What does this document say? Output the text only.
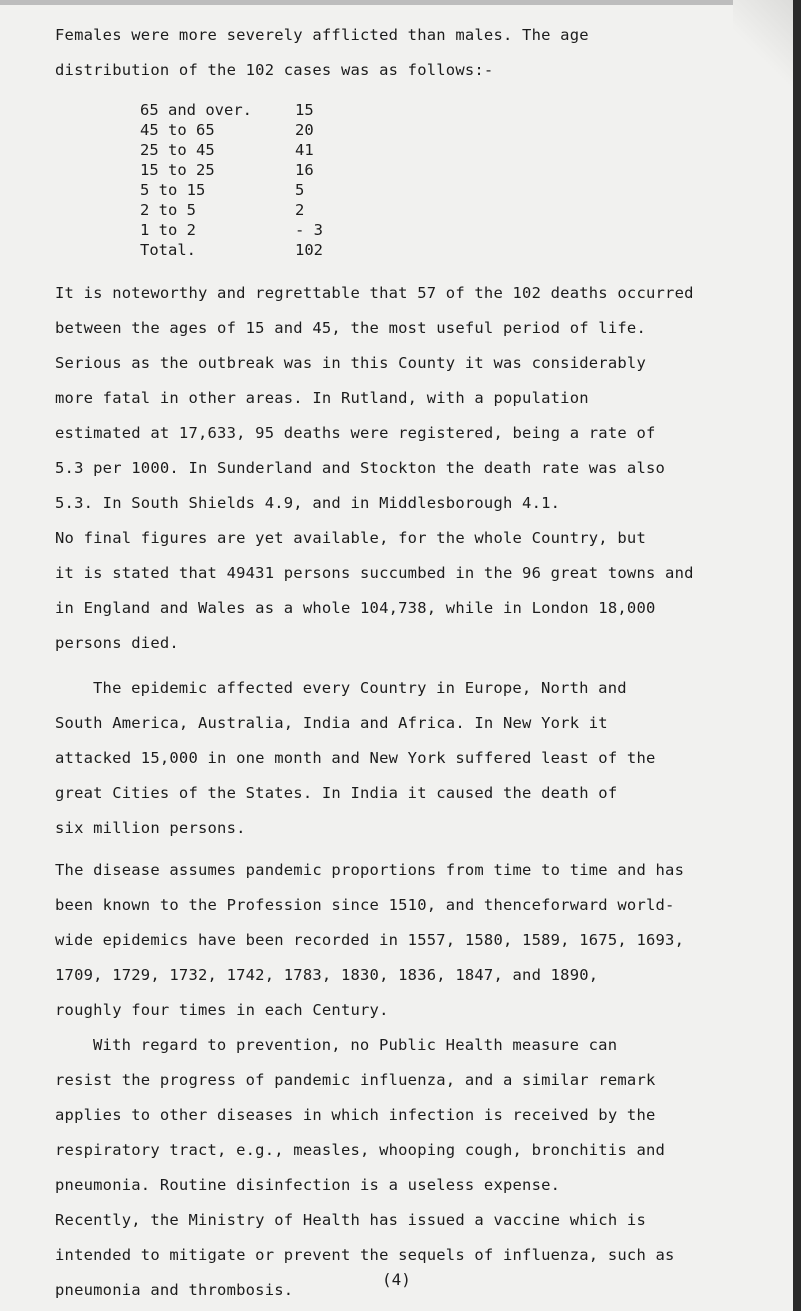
Females were more severely afflicted than males. The age
distribution of the 102 cases was as follows:-
65 and over.	15
45 to 65	20
25 to 45	41
15 to 25	16
5 to 15	5
2 to 5	2
1 to 2	- 3
Total.	102
It is noteworthy and regrettable that 57 of the 102 deaths occurred
between the ages of 15 and 45, the most useful period of life.
Serious as the outbreak was in this County it was considerably
more fatal in other areas. In Rutland, with a population
estimated at 17,633, 95 deaths were registered, being a rate of
5.3 per 1000. In Sunderland and Stockton the death rate was also
5.3. In South Shields 4.9, and in Middlesborough 4.1.
No final figures are yet available, for the whole Country, but
it is stated that 49431 persons succumbed in the 96 great towns and
in England and Wales as a whole 104,738, while in London 18,000
persons died.
The epidemic affected every Country in Europe, North and
South America, Australia, India and Africa. In New York it
attacked 15,000 in one month and New York suffered least of the
great Cities of the States. In India it caused the death of
six million persons.
The disease assumes pandemic proportions from time to time and has
been known to the Profession since 1510, and thenceforward world-
wide epidemics have been recorded in 1557, 1580, 1589, 1675, 1693,
1709, 1729, 1732, 1742, 1783, 1830, 1836, 1847, and 1890,
roughly four times in each Century.
With regard to prevention, no Public Health measure can
resist the progress of pandemic influenza, and a similar remark
applies to other diseases in which infection is received by the
respiratory tract, e.g., measles, whooping cough, bronchitis and
pneumonia. Routine disinfection is a useless expense.
Recently, the Ministry of Health has issued a vaccine which is
intended to mitigate or prevent the sequels of influenza, such as
pneumonia and thrombosis.
(4)
